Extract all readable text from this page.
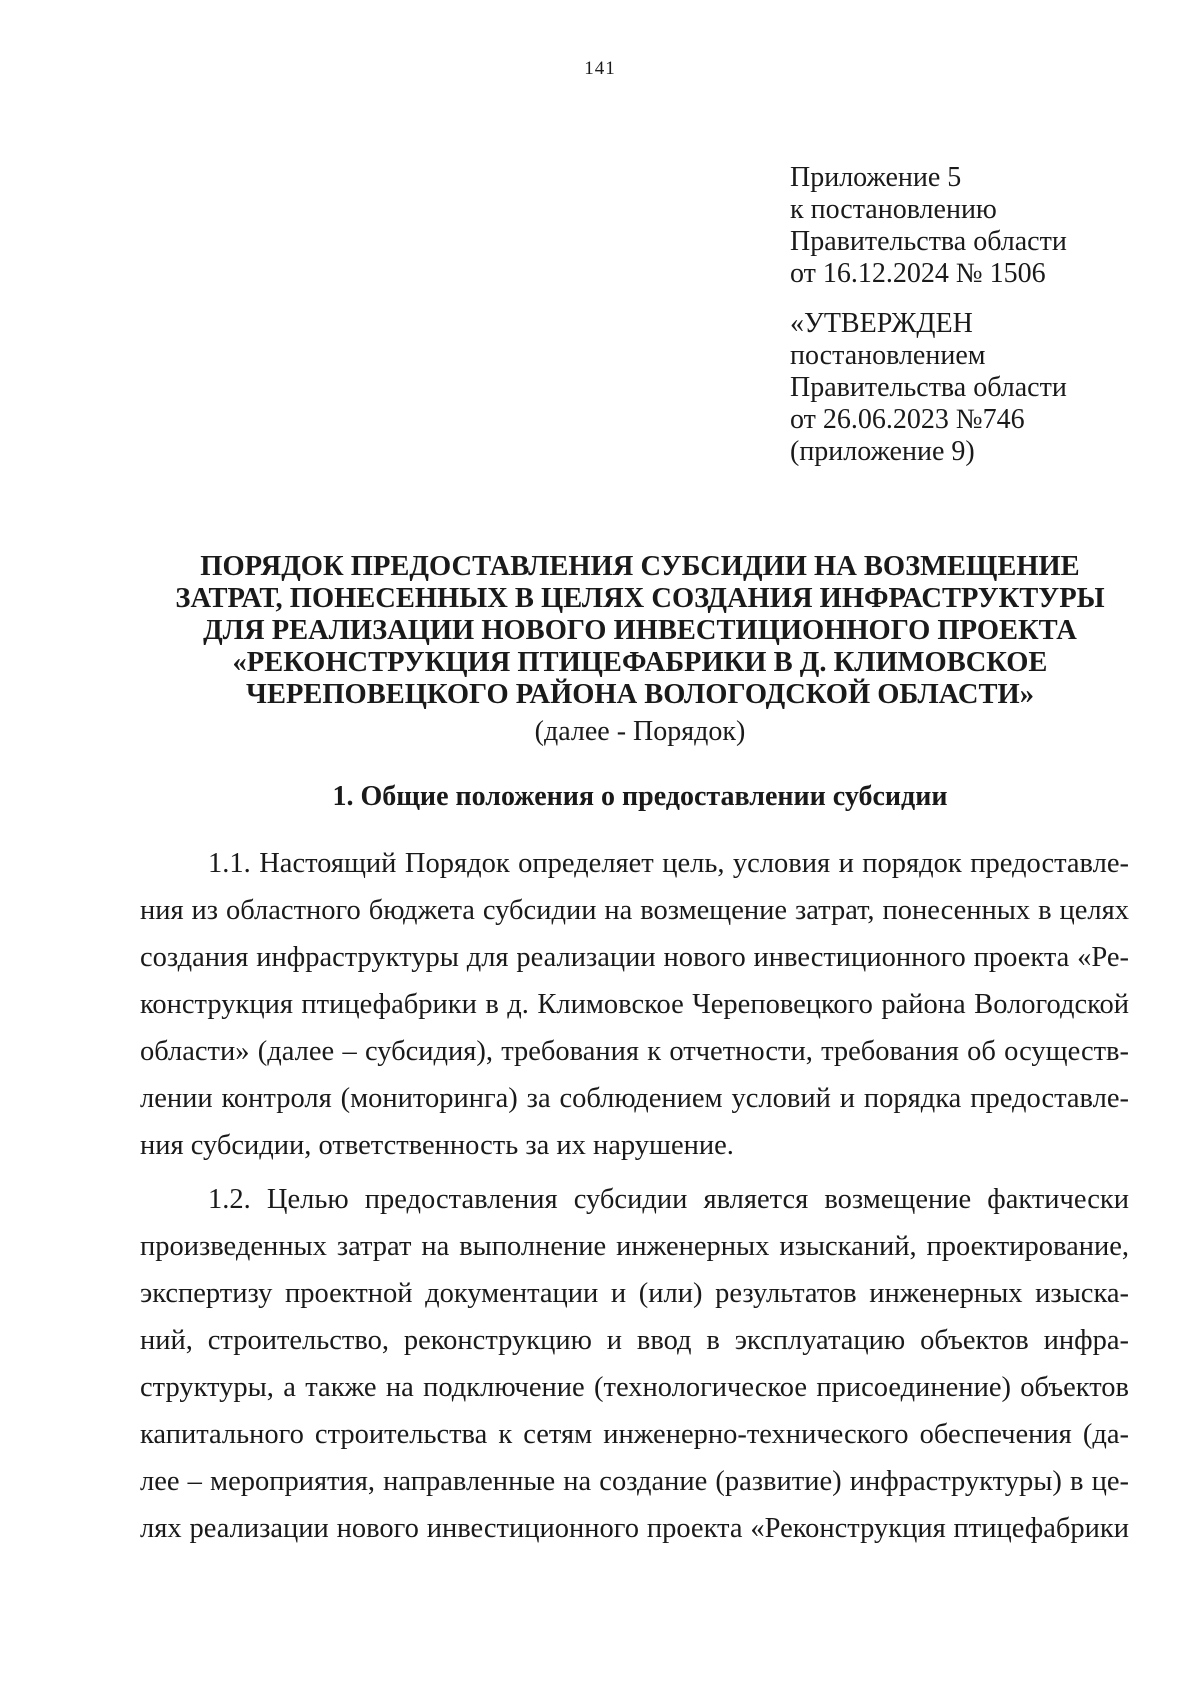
141
Приложение 5
к постановлению
Правительства области
от 16.12.2024 № 1506
«УТВЕРЖДЕН
постановлением
Правительства области
от 26.06.2023 №746
(приложение 9)
ПОРЯДОК ПРЕДОСТАВЛЕНИЯ СУБСИДИИ НА ВОЗМЕЩЕНИЕ
ЗАТРАТ, ПОНЕСЕННЫХ В ЦЕЛЯХ СОЗДАНИЯ ИНФРАСТРУКТУРЫ
ДЛЯ РЕАЛИЗАЦИИ НОВОГО ИНВЕСТИЦИОННОГО ПРОЕКТА
«РЕКОНСТРУКЦИЯ ПТИЦЕФАБРИКИ В Д. КЛИМОВСКОЕ
ЧЕРЕПОВЕЦКОГО РАЙОНА ВОЛОГОДСКОЙ ОБЛАСТИ»
(далее - Порядок)
1. Общие положения о предоставлении субсидии
1.1. Настоящий Порядок определяет цель, условия и порядок предоставле-
ния из областного бюджета субсидии на возмещение затрат, понесенных в целях
создания инфраструктуры для реализации нового инвестиционного проекта «Ре-
конструкция птицефабрики в д. Климовское Череповецкого района Вологодской
области» (далее – субсидия), требования к отчетности, требования об осуществ-
лении контроля (мониторинга) за соблюдением условий и порядка предоставле-
ния субсидии, ответственность за их нарушение.
1.2. Целью предоставления субсидии является возмещение фактически
произведенных затрат на выполнение инженерных изысканий, проектирование,
экспертизу проектной документации и (или) результатов инженерных изыска-
ний, строительство, реконструкцию и ввод в эксплуатацию объектов инфра-
структуры, а также на подключение (технологическое присоединение) объектов
капитального строительства к сетям инженерно-технического обеспечения (да-
лее – мероприятия, направленные на создание (развитие) инфраструктуры) в це-
лях реализации нового инвестиционного проекта «Реконструкция птицефабрики
